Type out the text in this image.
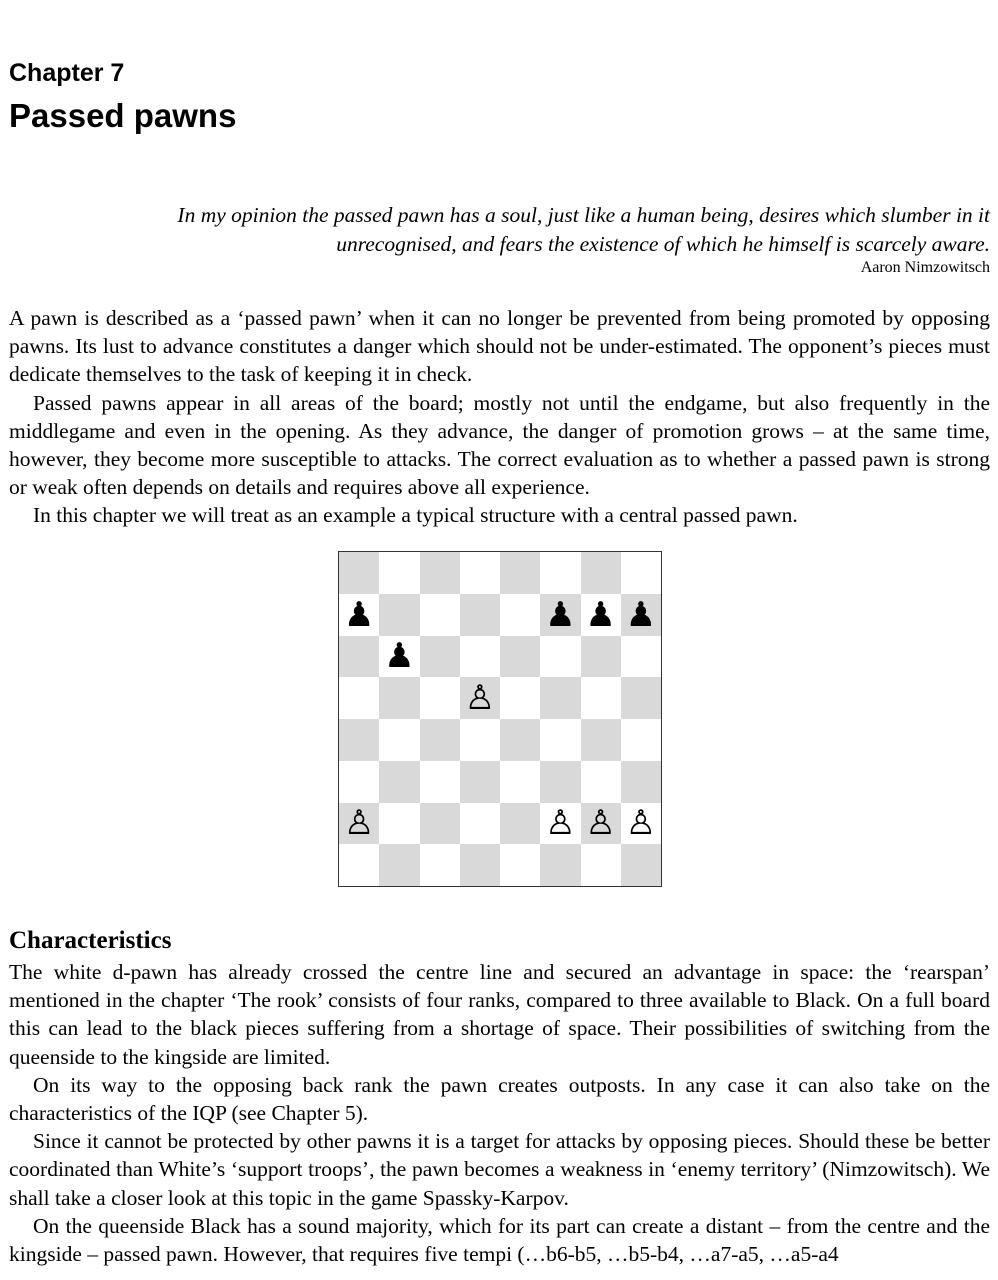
Chapter 7
Passed pawns

In my opinion the passed pawn has a soul, just like a human being, desires which slumber in it unrecognised, and fears the existence of which he himself is scarcely aware.

Aaron Nimzowitsch

A pawn is described as a ‘passed pawn’ when it can no longer be prevented from being promoted by opposing pawns. Its lust to advance constitutes a danger which should not be under-estimated. The opponent’s pieces must dedicate themselves to the task of keeping it in check.

Passed pawns appear in all areas of the board; mostly not until the endgame, but also frequently in the middlegame and even in the opening. As they advance, the danger of promotion grows – at the same time, however, they become more susceptible to attacks. The correct evaluation as to whether a passed pawn is strong or weak often depends on details and requires above all experience.

In this chapter we will treat as an example a typical structure with a central passed pawn.

♟	♟ ♟ ♟
♟
♙
♙	♙ ♙ ♙
Characteristics

The white d-pawn has already crossed the centre line and secured an advantage in space: the ‘rearspan’ mentioned in the chapter ‘The rook’ consists of four ranks, compared to three available to Black. On a full board this can lead to the black pieces suffering from a shortage of space. Their possibilities of switching from the queenside to the kingside are limited.

On its way to the opposing back rank the pawn creates outposts. In any case it can also take on the characteristics of the IQP (see Chapter 5).

Since it cannot be protected by other pawns it is a target for attacks by opposing pieces. Should these be better coordinated than White’s ‘support troops’, the pawn becomes a weakness in ‘enemy territory’ (Nimzowitsch). We shall take a closer look at this topic in the game Spassky-Karpov.

On the queenside Black has a sound majority, which for its part can create a distant – from the centre and the kingside – passed pawn. However, that requires five tempi (…b6-b5, …b5-b4, …a7-a5, …a5-a4
